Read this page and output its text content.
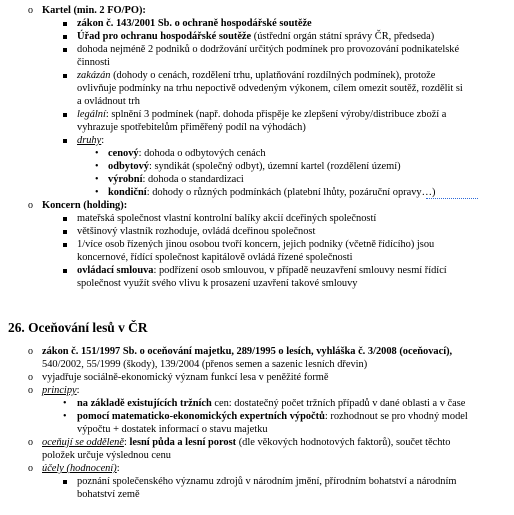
o Kartel (min. 2 FO/PO):
zákon č. 143/2001 Sb. o ochraně hospodářské soutěže
Úřad pro ochranu hospodářské soutěže (ústřední orgán státní správy ČR, předseda)
dohoda nejméně 2 podniků o dodržování určitých podmínek pro provozování podnikatelské
činnosti
zakázán (dohody o cenách, rozdělení trhu, uplatňování rozdílných podmínek), protože
ovlivňuje podmínky na trhu nepoctivě odvedeným výkonem, cílem omezit soutěž, rozdělit si
a ovládnout trh
legální: splnění 3 podmínek (např. dohoda přispěje ke zlepšení výroby/distribuce zboží a
vyhrazuje spotřebitelům přiměřený podíl na výhodách)
druhy:
• cenový: dohoda o odbytových cenách
• odbytový: syndikát (společný odbyt), územní kartel (rozdělení území)
• výrobní: dohoda o standardizaci
• kondiční: dohody o různých podmínkách (platební lhůty, pozáruční opravy…)
o Koncern (holding):
mateřská společnost vlastní kontrolní balíky akcií dceřiných společností
většinový vlastník rozhoduje, ovládá dceřinou společnost
1/více osob řízených jinou osobou tvoří koncern, jejich podniky (včetně řídícího) jsou
koncernové, řídící společnost kapitálově ovládá řízené společnosti
ovládací smlouva: podřízení osob smlouvou, v případě neuzavření smlouvy nesmí řídící
společnost využít svého vlivu k prosazení uzavření takové smlouvy
26. Oceňování lesů v ČR
o zákon č. 151/1997 Sb. o oceňování majetku, 289/1995 o lesích, vyhláška č. 3/2008 (oceňovací),
540/2002, 55/1999 (škody), 139/2004 (přenos semen a sazenic lesních dřevin)
o vyjadřuje sociálně-ekonomický význam funkcí lesa v peněžité formě
o principy:
• na základě existujících tržních cen: dostatečný počet tržních případů v dané oblasti a v čase
• pomocí matematicko-ekonomických expertních výpočtů: rozhodnout se pro vhodný model
výpočtu + dostatek informací o stavu majetku
o oceňují se odděleně: lesní půda a lesní porost (dle věkových hodnotových faktorů), součet těchto
položek určuje výslednou cenu
o účely (hodnocení):
poznání společenského významu zdrojů v národním jmění, přírodním bohatství a národním
bohatství země
